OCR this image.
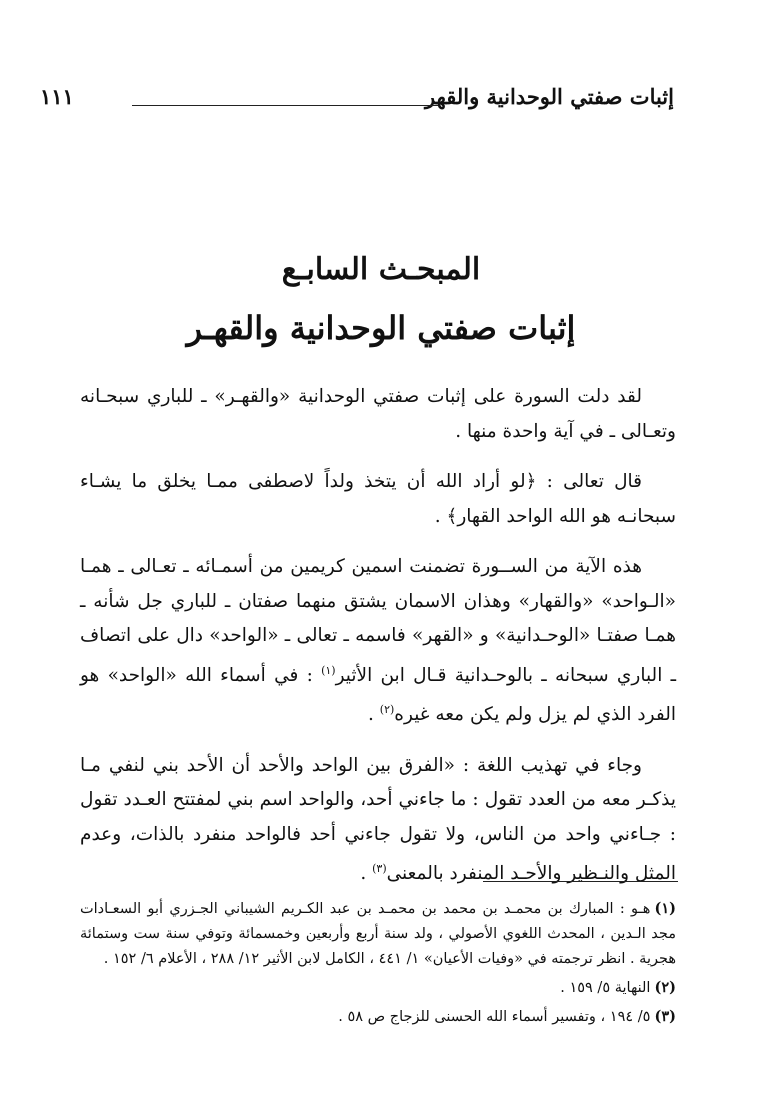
إثبات صفتي الوحدانية والقهر
١١١
المبحـث السابـع
إثبات صفتي الوحدانية والقهـر

لقد دلت السورة على إثبات صفتي الوحدانية «والقهـر» ـ للباري سبحـانه وتعـالى ـ في آية واحدة منها .

قال تعالى : ﴿لو أراد الله أن يتخذ ولداً لاصطفى ممـا يخلق ما يشـاء سبحانـه هو الله الواحد القهار﴾ .

هذه الآية من الســورة تضمنت اسمين كريمين من أسمـائه ـ تعـالى ـ همـا «الـواحد» «والقهار» وهذان الاسمان يشتق منهما صفتان ـ للباري جل شأنه ـ همـا صفتـا «الوحـدانية» و «القهر» فاسمه ـ تعالى ـ «الواحد» دال على اتصاف ـ الباري سبحانه ـ بالوحـدانية قـال ابن الأثير$^{(١)}$ : في أسماء الله «الواحد» هو الفرد الذي لم يزل ولم يكن معه غيره$^{(٢)}$ .

وجاء في تهذيب اللغة : «الفرق بين الواحد والأحد أن الأحد بني لنفي مـا يذكـر معه من العدد تقول : ما جاءني أحد، والواحد اسم بني لمفتتح العـدد تقول : جـاءني واحد من الناس، ولا تقول جاءني أحد فالواحد منفرد بالذات، وعدم المثل والنـظير والأحـد المنفرد بالمعنى$^{(٣)}$ .

(١)هـو : المبارك بن محمـد بن محمد بن محمـد بن عبد الكـريم الشيباني الجـزري أبو السعـادات مجد الـدين ، المحدث اللغوي الأصولي ، ولد سنة أربع وأربعين وخمسمائة وتوفي سنة ست وستمائة هجرية . انظر ترجمته في «وفيات الأعيان» ١/ ٤٤١ ، الكامل لابن الأثير ١٢/ ٢٨٨ ، الأعلام ٦/ ١٥٢ .

(٢)النهاية ٥/ ١٥٩ .

(٣)٥/ ١٩٤ ، وتفسير أسماء الله الحسنى للزجاج ص ٥٨ .
